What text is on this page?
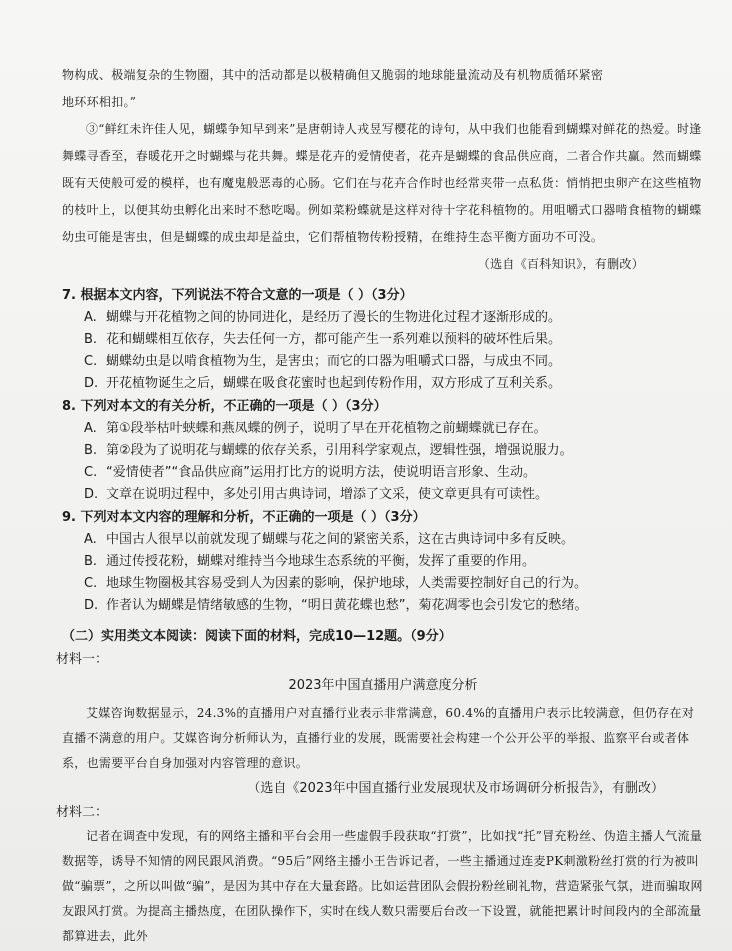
物构成、极端复杂的生物圈，其中的活动都是以极精确但又脆弱的地球能量流动及有机物质循环紧密

地环环相扣。”

③“鲜红未许佳人见，蝴蝶争知早到来”是唐朝诗人戎昱写樱花的诗句，从中我们也能看到蝴蝶对鲜花的热爱。时逢舞蝶寻香至，春暖花开之时蝴蝶与花共舞。蝶是花卉的爱情使者，花卉是蝴蝶的食品供应商，二者合作共赢。然而蝴蝶既有天使般可爱的模样，也有魔鬼般恶毒的心肠。它们在与花卉合作时也经常夹带一点私货：悄悄把虫卵产在这些植物的枝叶上，以便其幼虫孵化出来时不愁吃喝。例如菜粉蝶就是这样对待十字花科植物的。用咀嚼式口器啃食植物的蝴蝶幼虫可能是害虫，但是蝴蝶的成虫却是益虫，它们帮植物传粉授精，在维持生态平衡方面功不可没。

（选自《百科知识》，有删改）

7. 根据本文内容，下列说法不符合文意的一项是（ ）（3分）

A. 蝴蝶与开花植物之间的协同进化，是经历了漫长的生物进化过程才逐渐形成的。

B. 花和蝴蝶相互依存，失去任何一方，都可能产生一系列难以预料的破坏性后果。

C. 蝴蝶幼虫是以啃食植物为生，是害虫；而它的口器为咀嚼式口器，与成虫不同。

D. 开花植物诞生之后，蝴蝶在吸食花蜜时也起到传粉作用，双方形成了互利关系。

8. 下列对本文的有关分析，不正确的一项是（ ）（3分）

A. 第①段举枯叶蛱蝶和燕凤蝶的例子，说明了早在开花植物之前蝴蝶就已存在。

B. 第②段为了说明花与蝴蝶的依存关系，引用科学家观点，逻辑性强，增强说服力。

C. “爱情使者”“食品供应商”运用打比方的说明方法，使说明语言形象、生动。

D. 文章在说明过程中，多处引用古典诗词，增添了文采，使文章更具有可读性。

9. 下列对本文内容的理解和分析，不正确的一项是（ ）（3分）

A. 中国古人很早以前就发现了蝴蝶与花之间的紧密关系，这在古典诗词中多有反映。

B. 通过传授花粉，蝴蝶对维持当今地球生态系统的平衡，发挥了重要的作用。

C. 地球生物圈极其容易受到人为因素的影响，保护地球，人类需要控制好自己的行为。

D. 作者认为蝴蝶是情绪敏感的生物，“明日黄花蝶也愁”，菊花凋零也会引发它的愁绪。

（二）实用类文本阅读：阅读下面的材料，完成10—12题。（9分）

材料一：

2023年中国直播用户满意度分析

艾媒咨询数据显示，24.3%的直播用户对直播行业表示非常满意，60.4%的直播用户表示比较满意，但仍存在对直播不满意的用户。艾媒咨询分析师认为，直播行业的发展，既需要社会构建一个公开公平的举报、监察平台或者体系，也需要平台自身加强对内容管理的意识。

（选自《2023年中国直播行业发展现状及市场调研分析报告》，有删改）

材料二：

记者在调查中发现，有的网络主播和平台会用一些虚假手段获取“打赏”，比如找“托”冒充粉丝、伪造主播人气流量数据等，诱导不知情的网民跟风消费。“95后”网络主播小王告诉记者，一些主播通过连麦PK刺激粉丝打赏的行为被叫做“骗票”，之所以叫做“骗”，是因为其中存在大量套路。比如运营团队会假扮粉丝刷礼物，营造紧张气氛，进而骗取网友跟风打赏。为提高主播热度，在团队操作下，实时在线人数只需要后台改一下设置，就能把累计时间段内的全部流量都算进去，此外
